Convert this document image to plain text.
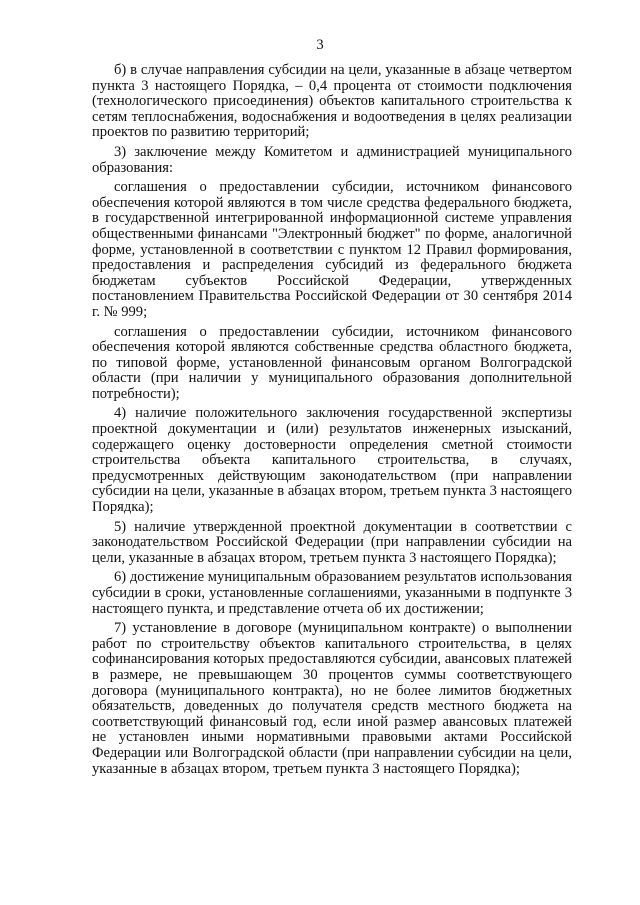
3

б) в случае направления субсидии на цели, указанные в абзаце четвертом пункта 3 настоящего Порядка, – 0,4 процента от стоимости подключения (технологического присоединения) объектов капитального строительства к сетям теплоснабжения, водоснабжения и водоотведения в целях реализации проектов по развитию территорий;

3) заключение между Комитетом и администрацией муниципального образования:

соглашения о предоставлении субсидии, источником финансового обеспечения которой являются в том числе средства федерального бюджета, в государственной интегрированной информационной системе управления общественными финансами "Электронный бюджет" по форме, аналогичной форме, установленной в соответствии с пунктом 12 Правил формирования, предоставления и распределения субсидий из федерального бюджета бюджетам субъектов Российской Федерации, утвержденных постановлением Правительства Российской Федерации от 30 сентября 2014 г. № 999;

соглашения о предоставлении субсидии, источником финансового обеспечения которой являются собственные средства областного бюджета, по типовой форме, установленной финансовым органом Волгоградской области (при наличии у муниципального образования дополнительной потребности);

4) наличие положительного заключения государственной экспертизы проектной документации и (или) результатов инженерных изысканий, содержащего оценку достоверности определения сметной стоимости строительства объекта капитального строительства, в случаях, предусмотренных действующим законодательством (при направлении субсидии на цели, указанные в абзацах втором, третьем пункта 3 настоящего Порядка);

5) наличие утвержденной проектной документации в соответствии с законодательством Российской Федерации (при направлении субсидии на цели, указанные в абзацах втором, третьем пункта 3 настоящего Порядка);

6) достижение муниципальным образованием результатов использования субсидии в сроки, установленные соглашениями, указанными в подпункте 3 настоящего пункта, и представление отчета об их достижении;

7) установление в договоре (муниципальном контракте) о выполнении работ по строительству объектов капитального строительства, в целях софинансирования которых предоставляются субсидии, авансовых платежей в размере, не превышающем 30 процентов суммы соответствующего договора (муниципального контракта), но не более лимитов бюджетных обязательств, доведенных до получателя средств местного бюджета на соответствующий финансовый год, если иной размер авансовых платежей не установлен иными нормативными правовыми актами Российской Федерации или Волгоградской области (при направлении субсидии на цели, указанные в абзацах втором, третьем пункта 3 настоящего Порядка);
